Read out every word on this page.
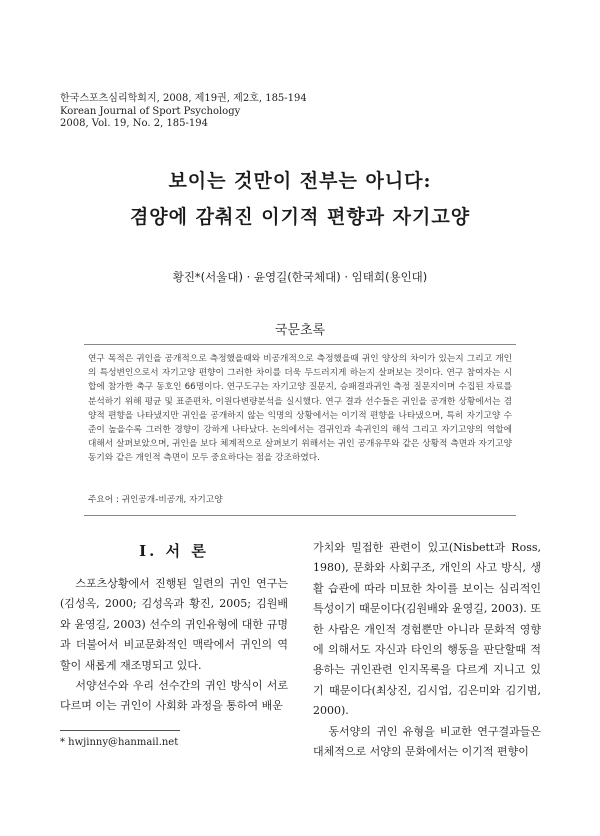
한국스포츠심리학회지, 2008, 제19권, 제2호, 185-194
Korean Journal of Sport Psychology
2008, Vol. 19, No. 2, 185-194
보이는 것만이 전부는 아니다:
겸양에 감춰진 이기적 편향과 자기고양
황진*(서울대) · 윤영길(한국체대) · 임태희(용인대)
국문초록

연구 목적은 귀인을 공개적으로 측정했을때와 비공개적으로 측정했을때 귀인 양상의 차이가 있는지 그리고 개인의 특성변인으로서 자기고양 편향이 그러한 차이를 더욱 두드러지게 하는지 살펴보는 것이다. 연구 참여자는 시합에 참가한 축구 동호인 66명이다. 연구도구는 자기고양 질문지, 승패결과귀인 측정 질문지이며 수집된 자료를 분석하기 위해 평균 및 표준편차, 이원다변량분석을 실시했다. 연구 결과 선수들은 귀인을 공개한 상황에서는 겸양적 편향을 나타냈지만 귀인을 공개하지 않는 익명의 상황에서는 이기적 편향을 나타냈으며, 특히 자기고양 수준이 높을수록 그러한 경향이 강하게 나타났다. 논의에서는 겸귀인과 속귀인의 해석 그리고 자기고양의 역할에 대해서 살펴보았으며, 귀인을 보다 체계적으로 살펴보기 위해서는 귀인 공개유무와 같은 상황적 측면과 자기고양동기와 같은 개인적 측면이 모두 중요하다는 점을 강조하였다.

주요어 : 귀인공개-비공개, 자기고양
I. 서 론

스포츠상황에서 진행된 일련의 귀인 연구는(김성옥, 2000; 김성옥과 황진, 2005; 김원배와 윤영길, 2003) 선수의 귀인유형에 대한 규명과 더불어서 비교문화적인 맥락에서 귀인의 역할이 새롭게 재조명되고 있다.

서양선수와 우리 선수간의 귀인 방식이 서로 다르며 이는 귀인이 사회화 과정을 통하여 배운

가치와 밀접한 관련이 있고(Nisbett과 Ross, 1980), 문화와 사회구조, 개인의 사고 방식, 생활 습관에 따라 미묘한 차이를 보이는 심리적인 특성이기 때문이다(김원배와 윤영길, 2003). 또한 사람은 개인적 경험뿐만 아니라 문화적 영향에 의해서도 자신과 타인의 행동을 판단할때 적용하는 귀인관련 인지목록을 다르게 지니고 있기 때문이다(최상진, 김시업, 김은미와 김기범, 2000).

동서양의 귀인 유형을 비교한 연구결과들은 대체적으로 서양의 문화에서는 이기적 편향이

* hwjinny@hanmail.net
